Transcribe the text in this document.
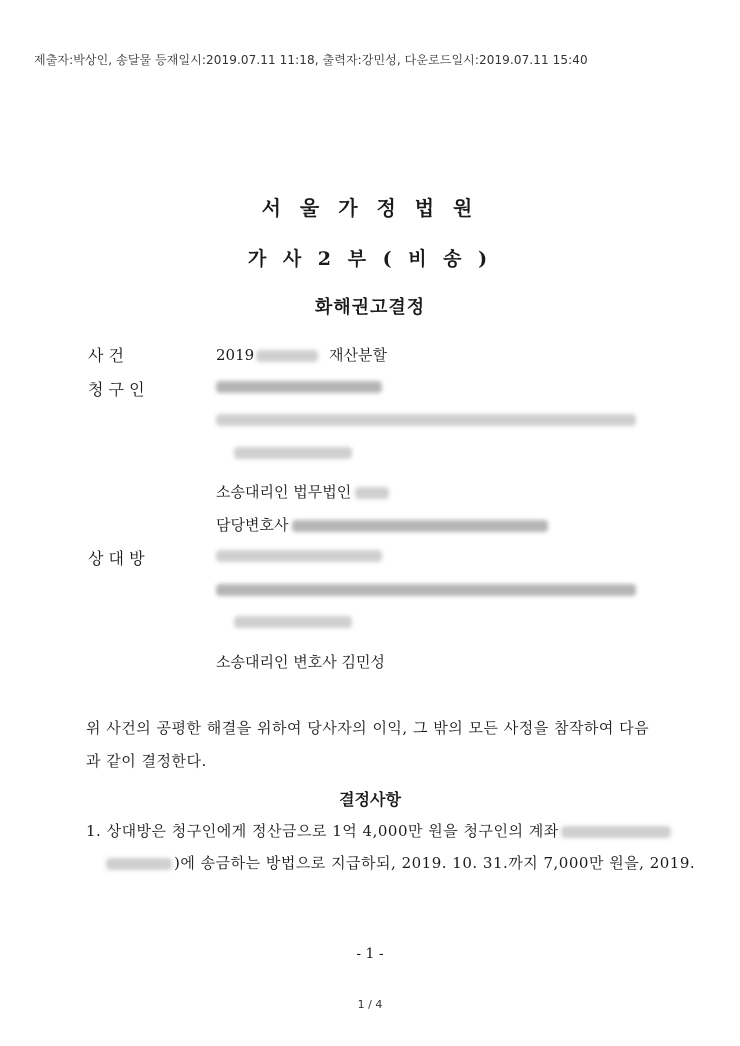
제출자:박상인, 송달물 등재일시:2019.07.11 11:18, 출력자:강민성, 다운로드일시:2019.07.11 15:40
서 울 가 정 법 원
가 사 2 부 ( 비 송 )
화해권고결정
사 건	2019	재산분할
청 구 인
소송대리인 법무법인
담당변호사
상 대 방
소송대리인 변호사 김민성
위 사건의 공평한 해결을 위하여 당사자의 이익, 그 밖의 모든 사정을 참작하여 다음
과 같이 결정한다.
결정사항
1. 상대방은 청구인에게 정산금으로 1억 4,000만 원을 청구인의 계좌
)에 송금하는 방법으로 지급하되, 2019. 10. 31.까지 7,000만 원을, 2019.
- 1 -
1 / 4
